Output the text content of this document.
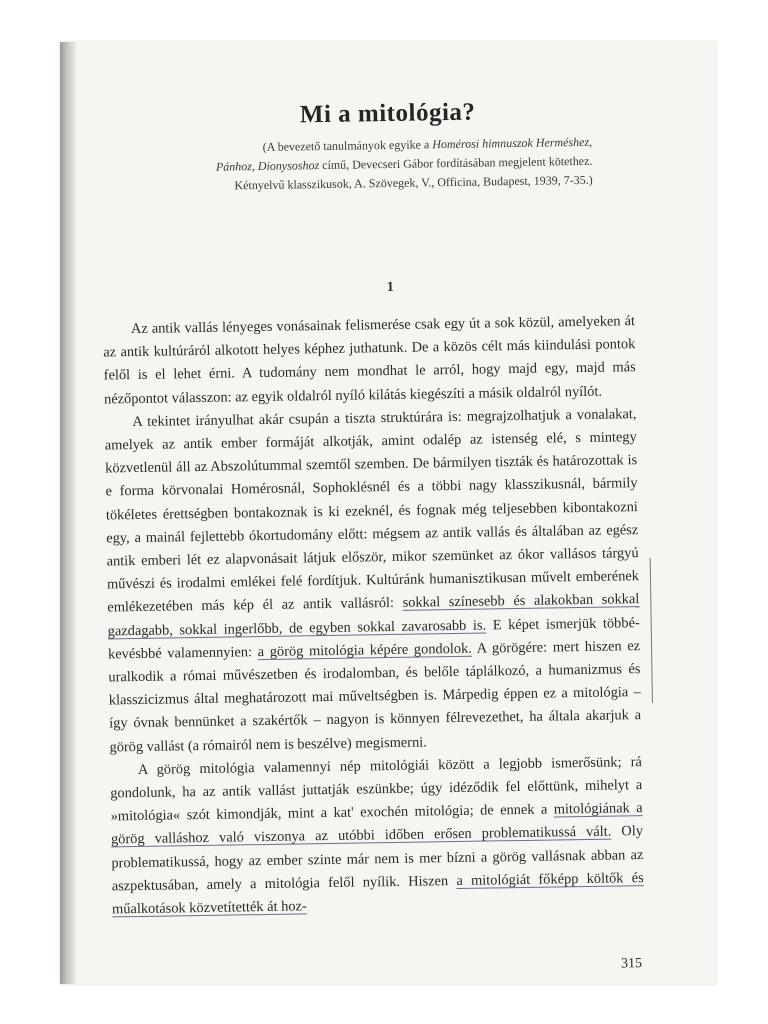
Mi a mitológia?
(A bevezető tanulmányok egyike a Homérosi himnuszok Herméshez,
Pánhoz, Dionysoshoz című, Devecseri Gábor fordításában megjelent kötethez.
Kétnyelvű klasszikusok, A. Szövegek, V., Officina, Budapest, 1939, 7-35.)
1

Az antik vallás lényeges vonásainak felismerése csak egy út a sok közül, amelyeken át az antik kultúráról alkotott helyes képhez juthatunk. De a közös célt más kiindulási pontok felől is el lehet érni. A tudomány nem mondhat le arról, hogy majd egy, majd más nézőpontot válasszon: az egyik oldalról nyíló kilátás kiegészíti a másik oldalról nyílót.

A tekintet irányulhat akár csupán a tiszta struktúrára is: megrajzolhatjuk a vonalakat, amelyek az antik ember formáját alkotják, amint odalép az istenség elé, s mintegy közvetlenül áll az Abszolútummal szemtől szemben. De bármilyen tiszták és határozottak is e forma körvonalai Homérosnál, Sophoklésnél és a többi nagy klasszikusnál, bármily tökéletes érettségben bontakoznak is ki ezeknél, és fognak még teljesebben kibontakozni egy, a mainál fejlettebb ókortudomány előtt: mégsem az antik vallás és általában az egész antik emberi lét ez alapvonásait látjuk először, mikor szemünket az ókor vallásos tárgyú művészi és irodalmi emlékei felé fordítjuk. Kultúránk humanisztikusan művelt emberének emlékezetében más kép él az antik vallásról: sokkal színesebb és alakokban sokkal gazdagabb, sokkal ingerlőbb, de egyben sokkal zavarosabb is. E képet ismerjük többé-kevésbbé valamennyien: a görög mitológia képére gondolok. A görögére: mert hiszen ez uralkodik a római művészetben és irodalomban, és belőle táplálkozó, a humanizmus és klasszicizmus által meghatározott mai műveltségben is. Márpedig éppen ez a mitológia – így óvnak bennünket a szakértők – nagyon is könnyen félrevezethet, ha általa akarjuk a görög vallást (a rómairól nem is beszélve) megismerni.

A görög mitológia valamennyi nép mitológiái között a legjobb ismerősünk; rá gondolunk, ha az antik vallást juttatják eszünkbe; úgy idéződik fel előttünk, mihelyt a »mitológia« szót kimondják, mint a kat' exochén mitológia; de ennek a mitológiának a görög valláshoz való viszonya az utóbbi időben erősen problematikussá vált. Oly problematikussá, hogy az ember szinte már nem is mer bízni a görög vallásnak abban az aszpektusában, amely a mitológia felől nyílik. Hiszen a mitológiát főképp költők és műalkotások közvetítették át hoz-

315
